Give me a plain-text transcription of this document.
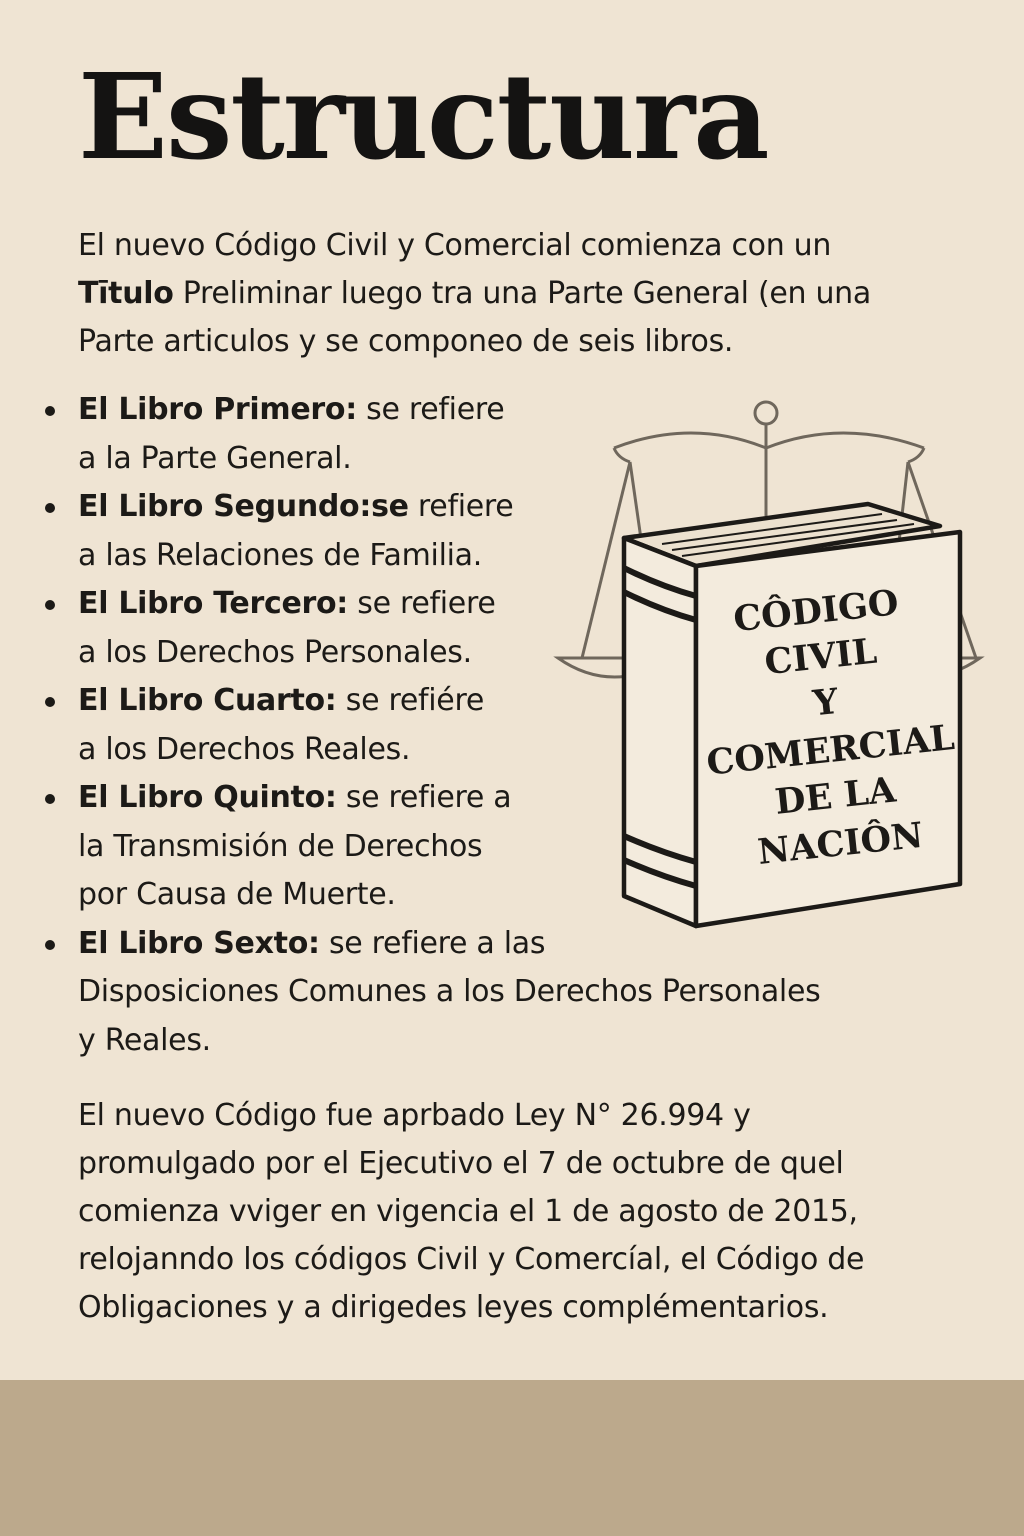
Estructura

El nuevo Código Civil y Comercial comienza con un
Tītulo Preliminar luego tra una Parte General (en una
Parte articulos y se componeo de seis libros.

El Libro Primero: se refiere
a la Parte General.
El Libro Segundo:se refiere
a las Relaciones de Familia.
El Libro Tercero: se refiere
a los Derechos Personales.
El Libro Cuarto: se refiére
a los Derechos Reales.
El Libro Quinto: se refiere a
la Transmisión de Derechos
por Causa de Muerte.
El Libro Sexto: se refiere a las
Disposiciones Comunes a los Derechos Personales
y Reales.

El nuevo Código fue aprbado Ley N° 26.994 y
promulgado por el Ejecutivo el 7 de octubre de quel
comienza vviger en vigencia el 1 de agosto de 2015,
relojanndo los códigos Civil y Comercíal, el Código de
Obligaciones y a dirigedes leyes complémentarios.

CÔDIGO
CIVIL
Y
COMERCIAL
DE LA
NACIÔN
